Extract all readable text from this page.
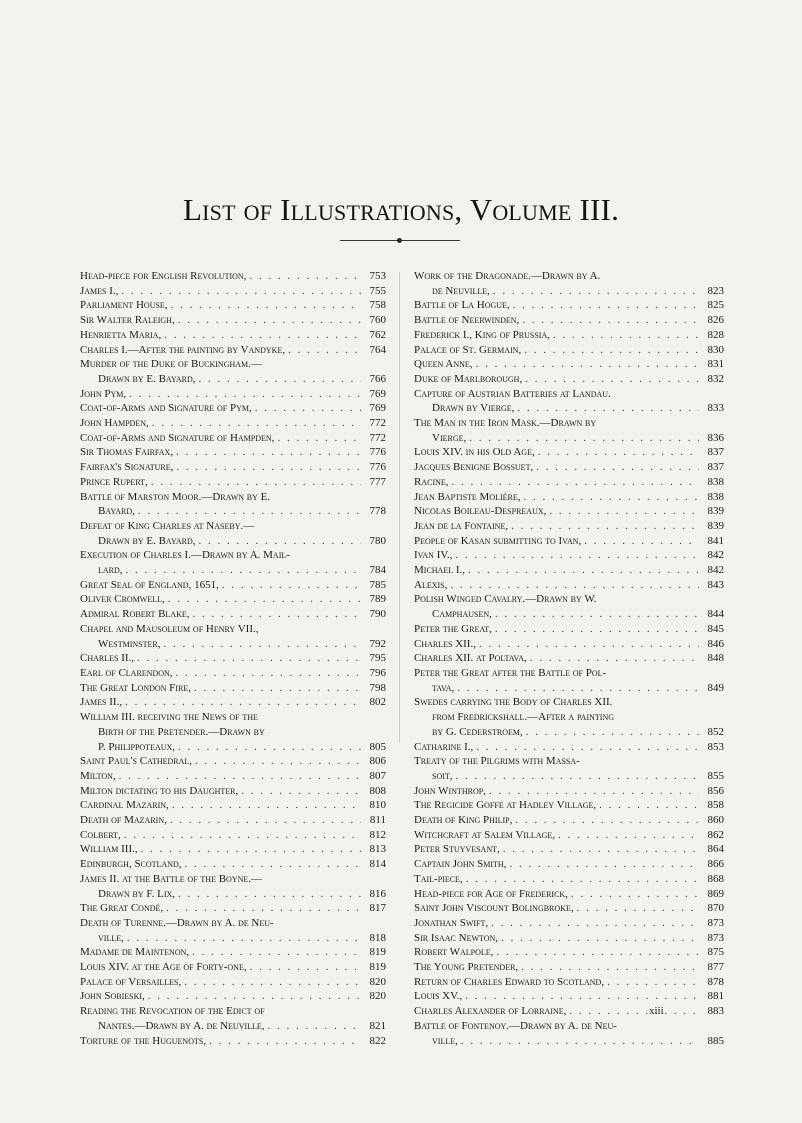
List of Illustrations, Volume III.
Head-piece for English Revolution, . . .	753
James I., . . .	755
Parliament House, . . .	758
Sir Walter Raleigh, . . .	760
Henrietta Maria, . . .	762
Charles I.—After the painting by Vandyke, . . .	764
Murder of the Duke of Buckingham.—
Drawn by E. Bayard, . . .	766
John Pym, . . .	769
Coat-of-Arms and Signature of Pym, . . .	769
John Hampden, . . .	772
Coat-of-Arms and Signature of Hampden, . . .	772
Sir Thomas Fairfax, . . .	776
Fairfax's Signature, . . .	776
Prince Rupert, . . .	777
Battle of Marston Moor.—Drawn by E.
Bayard, . . .	778
Defeat of King Charles at Naseby.—
Drawn by E. Bayard, . . .	780
Execution of Charles I.—Drawn by A. Mail-
lard, . . .	784
Great Seal of England, 1651, . . .	785
Oliver Cromwell, . . .	789
Admiral Robert Blake, . . .	790
Chapel and Mausoleum of Henry VII.,
Westminster, . . .	792
Charles II., . . .	795
Earl of Clarendon, . . .	796
The Great London Fire, . . .	798
James II., . . .	802
William III. receiving the News of the
Birth of the Pretender.—Drawn by
P. Philippoteaux, . . .	805
Saint Paul's Cathedral, . . .	806
Milton, . . .	807
Milton dictating to his Daughter, . . .	808
Cardinal Mazarin, . . .	810
Death of Mazarin, . . .	811
Colbert, . . .	812
William III., . . .	813
Edinburgh, Scotland, . . .	814
James II. at the Battle of the Boyne.—
Drawn by F. Lix, . . .	816
The Great Condé, . . .	817
Death of Turenne.—Drawn by A. de Neu-
ville, . . .	818
Madame de Maintenon, . . .	819
Louis XIV. at the Age of Forty-one, . . .	819
Palace of Versailles, . . .	820
John Sobieski, . . .	820
Reading the Revocation of the Edict of
Nantes.—Drawn by A. de Neuville, . . .	821
Torture of the Huguenots, . . .	822
Work of the Dragonade.—Drawn by A.
de Neuville, . . .	823
Battle of La Hogue, . . .	825
Battle of Neerwinden, . . .	826
Frederick I., King of Prussia, . . .	828
Palace of St. Germain, . . .	830
Queen Anne, . . .	831
Duke of Marlborough, . . .	832
Capture of Austrian Batteries at Landau.
Drawn by Vierge, . . .	833
The Man in the Iron Mask.—Drawn by
Vierge, . . .	836
Louis XIV. in his Old Age, . . .	837
Jacques Benigne Bossuet, . . .	837
Racine, . . .	838
Jean Baptiste Molière, . . .	838
Nicolas Boileau-Despreaux, . . .	839
Jean de la Fontaine, . . .	839
People of Kasan submitting to Ivan, . . .	841
Ivan IV., . . .	842
Michael I., . . .	842
Alexis, . . .	843
Polish Winged Cavalry.—Drawn by W.
Camphausen, . . .	844
Peter the Great, . . .	845
Charles XII., . . .	846
Charles XII. at Poltava, . . .	848
Peter the Great after the Battle of Pol-
tava, . . .	849
Swedes carrying the Body of Charles XII.
from Fredrickshall.—After a painting
by G. Cederstroem, . . .	852
Catharine I., . . .	853
Treaty of the Pilgrims with Massa-
soit, . . .	855
John Winthrop, . . .	856
The Regicide Goffe at Hadley Village, . . .	858
Death of King Philip, . . .	860
Witchcraft at Salem Village, . . .	862
Peter Stuyvesant, . . .	864
Captain John Smith, . . .	866
Tail-piece, . . .	868
Head-piece for Age of Frederick, . . .	869
Saint John Viscount Bolingbroke, . . .	870
Jonathan Swift, . . .	873
Sir Isaac Newton, . . .	873
Robert Walpole, . . .	875
The Young Pretender, . . .	877
Return of Charles Edward to Scotland, . . .	878
Louis XV., . . .	881
Charles Alexander of Lorraine, . . .	883
Battle of Fontenoy.—Drawn by A. de Neu-
ville, . . .	885
xiii
